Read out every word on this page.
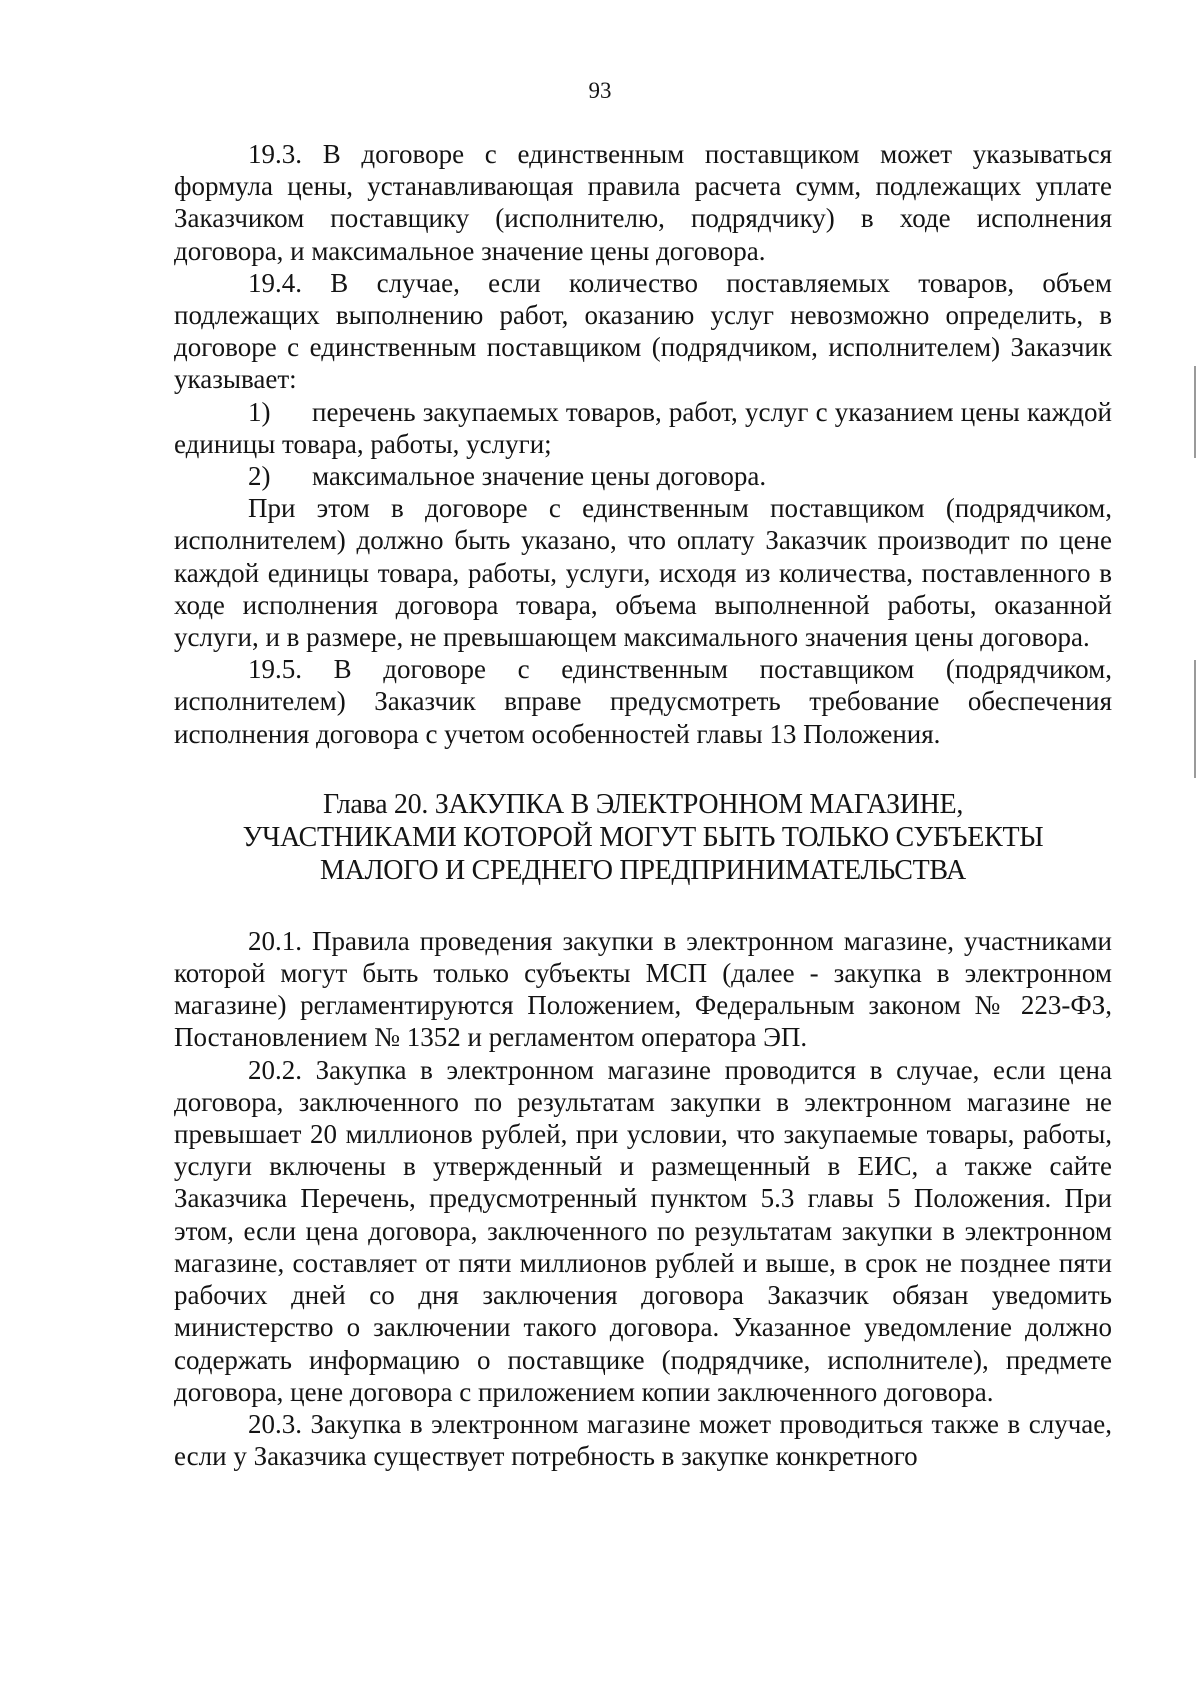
93

19.3. В договоре с единственным поставщиком может указываться формула цены, устанавливающая правила расчета сумм, подлежащих уплате Заказчиком поставщику (исполнителю, подрядчику) в ходе исполнения договора, и максимальное значение цены договора.

19.4. В случае, если количество поставляемых товаров, объем подлежащих выполнению работ, оказанию услуг невозможно определить, в договоре с единственным поставщиком (подрядчиком, исполнителем) Заказчик указывает:

1) перечень закупаемых товаров, работ, услуг с указанием цены каждой единицы товара, работы, услуги;

2) максимальное значение цены договора.

При этом в договоре с единственным поставщиком (подрядчиком, исполнителем) должно быть указано, что оплату Заказчик производит по цене каждой единицы товара, работы, услуги, исходя из количества, поставленного в ходе исполнения договора товара, объема выполненной работы, оказанной услуги, и в размере, не превышающем максимального значения цены договора.

19.5. В договоре с единственным поставщиком (подрядчиком, исполнителем) Заказчик вправе предусмотреть требование обеспечения исполнения договора с учетом особенностей главы 13 Положения.

Глава 20. ЗАКУПКА В ЭЛЕКТРОННОМ МАГАЗИНЕ,
УЧАСТНИКАМИ КОТОРОЙ МОГУТ БЫТЬ ТОЛЬКО СУБЪЕКТЫ
МАЛОГО И СРЕДНЕГО ПРЕДПРИНИМАТЕЛЬСТВА

20.1. Правила проведения закупки в электронном магазине, участниками которой могут быть только субъекты МСП (далее - закупка в электронном магазине) регламентируются Положением, Федеральным законом № 223-ФЗ, Постановлением № 1352 и регламентом оператора ЭП.

20.2. Закупка в электронном магазине проводится в случае, если цена договора, заключенного по результатам закупки в электронном магазине не превышает 20 миллионов рублей, при условии, что закупаемые товары, работы, услуги включены в утвержденный и размещенный в ЕИС, а также сайте Заказчика Перечень, предусмотренный пунктом 5.3 главы 5 Положения. При этом, если цена договора, заключенного по результатам закупки в электронном магазине, составляет от пяти миллионов рублей и выше, в срок не позднее пяти рабочих дней со дня заключения договора Заказчик обязан уведомить министерство о заключении такого договора. Указанное уведомление должно содержать информацию о поставщике (подрядчике, исполнителе), предмете договора, цене договора с приложением копии заключенного договора.

20.3. Закупка в электронном магазине может проводиться также в случае, если у Заказчика существует потребность в закупке конкретного
